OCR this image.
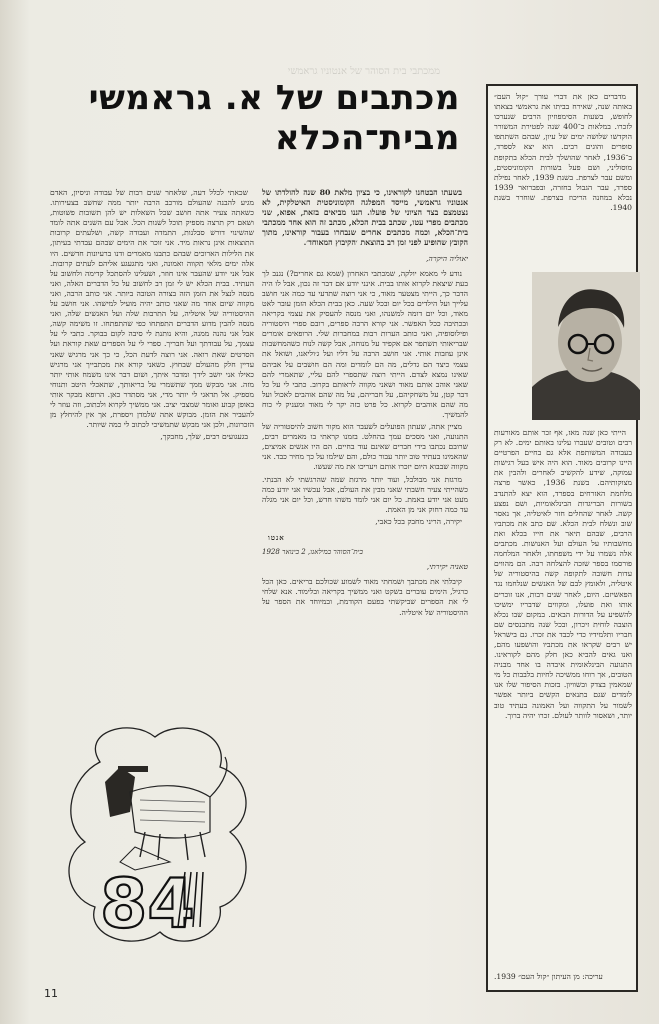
ממכתבי בית הסוהר של אנטוניו גראמשי
מכתבים של א. גראמשי
מבית־הכלא

בשעתו הבטחנו לקוראינו, כי בציון מלאת 80 שנה להולדתו של אנטוניו גראמשי, מייסד המפלגה הקומוניסטית האיטלקית, לא נצטמצם בצד הציוני של פועלו. הננו מביאים בזאת, אפוא, שני מכתבים מפרי עטו, שכתב בבית הכלא, מכתב זה הוא אחד ממכתבי בית־הכלא, וכמה מכתבים אחרים שנבחרו בעבור קוראינו, מתוך הקובץ שהופיע לפני זמן רב בהוצאת ׳הקיבוץ המאוחד׳.

יאוליה היקרה,

נודע לי מאמא יולקה, שמכתבי האחרון (שמא גם אחרים?) נגנב לך בעת שיצאת לקרוא אותו בבית. אינני יודע אם דבר זה נכון, אבל לו היה הדבר כך, הייתי מצטער מאוד, כי אני רוצה שתדעי עד כמה אני חושב עלייך ועל הילדים בכל יום ובכל שעה. כאן בבית הכלא הזמן עובר לאט מאוד, וכל יום דומה למשנהו, ואני מנסה להעסיק את עצמי בקריאה ובכתיבה ככל האפשר. אני קורא הרבה ספרים, רובם ספרי היסטוריה ופילוסופיה, ואני כותב הערות רבות במחברות שלי. הרופאים אומרים שבריאותי תשתפר אם אקפיד על מנוחה, אבל קשה לנוח כשהמחשבות אינן עוזבות אותי. אני חושב הרבה על דליו ועל ג׳וליאנו, ושואל את עצמי כיצד הם גדלים, מה הם לומדים ומה הם חושבים על אביהם שאינו נמצא לצדם. הייתי רוצה שתספרי להם עליי, שתאמרי להם שאני אוהב אותם מאוד ושאני מקווה לראותם בקרוב. כתבי לי על כל דבר קטן, על משחקיהם, על חבריהם, על מה שהם אוהבים לאכול ועל מה שהם אוהבים לקרוא. כל פרט כזה יקר לי מאוד ומעניק לי כוח להמשיך.

מציין אתה, שעתון הפועלים לשעבר הוא מקור חשוב להיסטוריה של התנועה, ואני מסכים עמך בהחלט. בזמנו קראתי בו מאמרים רבים, שרובם נכתבו בידי חברים שאינם עוד בחיים. הם היו אנשים אמיצים, שהאמינו בעתיד טוב יותר עבור כולם, והם שילמו על כך מחיר כבד. אני מקווה שבבוא היום יזכרו אותם ויעריכו את מה שעשו.

מרגזת אני מבולבל, ועוד יותר מרגזת שמה שהרגשתי לא הבנתי. כשהייתי צעיר חשבתי שאני מבין את העולם, אבל עכשיו אני יודע כמה מעט אני יודע באמת. כל יום אני לומד משהו חדש, וכל יום אני מגלה עד כמה רחוק אני מן האמת.

יקירה, הריני מחבק בכל כאבי,

אנטו

בית־הסוהר במילאנו, 2 בינואר 1928

טאניה יקירתי,

קיבלתי את מכתבך ושמחתי מאוד לשמוע שכולכם בריאים. כאן הכל כרגיל, הימים עוברים בשקט ואני ממשיך בקריאה ובלימוד. אנא שלחי לי את הספרים שביקשתי בפעם הקודמת, ובמיוחד את הספר על ההיסטוריה של איטליה.

שכאתי לכלל דעה, שלאחר שנים רבות של עבודה וניסיון, האדם מגיע להבנה שהעולם מורכב הרבה יותר ממה שחשב בצעירותו. כשאתה צעיר אתה חושב שכל השאלות יש להן תשובות פשוטות, ושאם רק תרצה מספיק תוכל לשנות הכל. אבל עם השנים אתה לומד שהשינוי דורש סבלנות, התמדה ועבודה קשה, ושלעתים קרובות התוצאות אינן נראות מיד. אני זוכר את הימים שבהם עבדתי בעיתון, את הלילות הארוכים שבהם כתבנו מאמרים ודנו ברעיונות חדשים. היו אלה ימים מלאי תקווה ואמונה, ואני מתגעגע אליהם לעתים קרובות. אבל אני יודע שהעבר אינו חוזר, ושעלינו להסתכל קדימה ולחשוב על העתיד. בבית הכלא יש לי זמן רב לחשוב על כל הדברים האלה, ואני מנסה לנצל את הזמן הזה בצורה הטובה ביותר. אני כותב הרבה, ואני מקווה שיום אחד מה שאני כותב יהיה מועיל למישהו. אני חושב על ההיסטוריה של איטליה, על התרבות שלה ועל האנשים שלה, ואני מנסה להבין מדוע הדברים התפתחו כפי שהתפתחו. זו משימה קשה, אבל אני נהנה ממנה, והיא נותנת לי סיבה לקום בבוקר. כתבי לי על עצמך, על עבודתך ועל חבריך. ספרי לי על הספרים שאת קוראת ועל הסרטים שאת רואה. אני רוצה לדעת הכל, כי כך אני מרגיש שאני עדיין חלק מהעולם שבחוץ. כשאני קורא את מכתבייך אני מרגיש כאילו אני יושב לידך ומדבר איתך, ושום דבר אינו משמח אותי יותר מזה. אני מבקש ממך שתשמרי על בריאותך, שתאכלי היטב ותנוחי מספיק. אל תדאגי לי יותר מדי, אני מסתדר כאן. הרופא מבקר אותי באופן קבוע ואומר שמצבי יציב. אני ממשיך לקרוא ולכתוב, וזה עוזר לי להעביר את הזמן. מבוקש אתה שלמדן ויספרת, אך אין להיחלץ מן הזכרונות, ולכן אני מבקש שתמשיכי לכתוב לי כמה שיותר.

בגעגועים רבים, שלך, מחבקך,

84

מדברים כאן את דברי עורך ״קול העם״ באותה שנה, שאירח בביתו את גראמשי בצאתו לחופש, בשעות הסימפוזיון הרבים שנערכו לזכרו. במלאות כ־400 שנה לפטירת המשורר הוקדשו שלושה ימים של עיון, שבהם השתתפו סופרים והוגים רבים. הוא יצא לספרד, ב־1936, לאחר שהושלך לבית הכלא בתקופת מוסוליני, ושם פעל בשורות הקומוניסטים, ומשם עבר לצרפת. בשנת 1939, לאחר נפילת ספרד, עבר הגבול בחזרה, ובפברואר 1939 נכלא במחנה הריכוז בצרפת. שוחרר בשנת 1940.

הייתי כאן שנה מאז, אף זכר אותם מאורעות רבים וטובים שעברו עלינו באותם ימים. לא רק בעבודה המשותפת אלא גם בחיים הפרטיים היינו קרובים מאוד. הוא היה איש בעל רגישות עמוקה, שידע להקשיב לאחרים ולהבין את מצוקותיהם. בשנת 1936, כאשר פרצה מלחמת האזרחים בספרד, הוא יצא להתנדב בשורות הבריגדות הבינלאומיות, ושם נפצע קשה. לאחר שהחלים חזר לאיטליה, אך נאסר שוב ונשלח לבית הכלא. שם כתב את מכתביו הרבים, שבהם תיאר את חייו בכלא ואת מחשבותיו על העולם ועל האנושות. מכתבים אלה נשמרו על ידי משפחתו, ולאחר המלחמה פורסמו בספר שזכה להצלחה רבה. הם מהווים עדות חשובה לתקופה קשה בהיסטוריה של איטליה, ולאומץ לבם של האנשים שנלחמו נגד הפאשיזם. היום, לאחר שנים רבות, אנו זוכרים אותו ואת פועלו, ומקווים שדבריו ימשיכו להשפיע על הדורות הבאים. במקום שבו נכלא הוצבה לוחית זיכרון, ובכל שנה מתכנסים שם חבריו ותלמידיו כדי לכבד את זכרו. גם בישראל יש רבים שקראו את מכתביו והושפעו מהם, ואנו גאים להביא כאן חלק מהם לקוראינו. התנועה הבינלאומית איבדה בו אחד מבניה הטובים, אך רוחו ממשיכה לחיות בלבבות כל מי שמאמין בצדק ובשוויון. בזכות הסיפור שלו אנו לומדים שגם בתנאים הקשים ביותר אפשר לשמור על התקווה ועל האמונה בעתיד טוב יותר, ושאסור לוותר לעולם. זכרו יהיה ברוך.

עריכה: מן העיתון ״קול העם״ 1939.
11
